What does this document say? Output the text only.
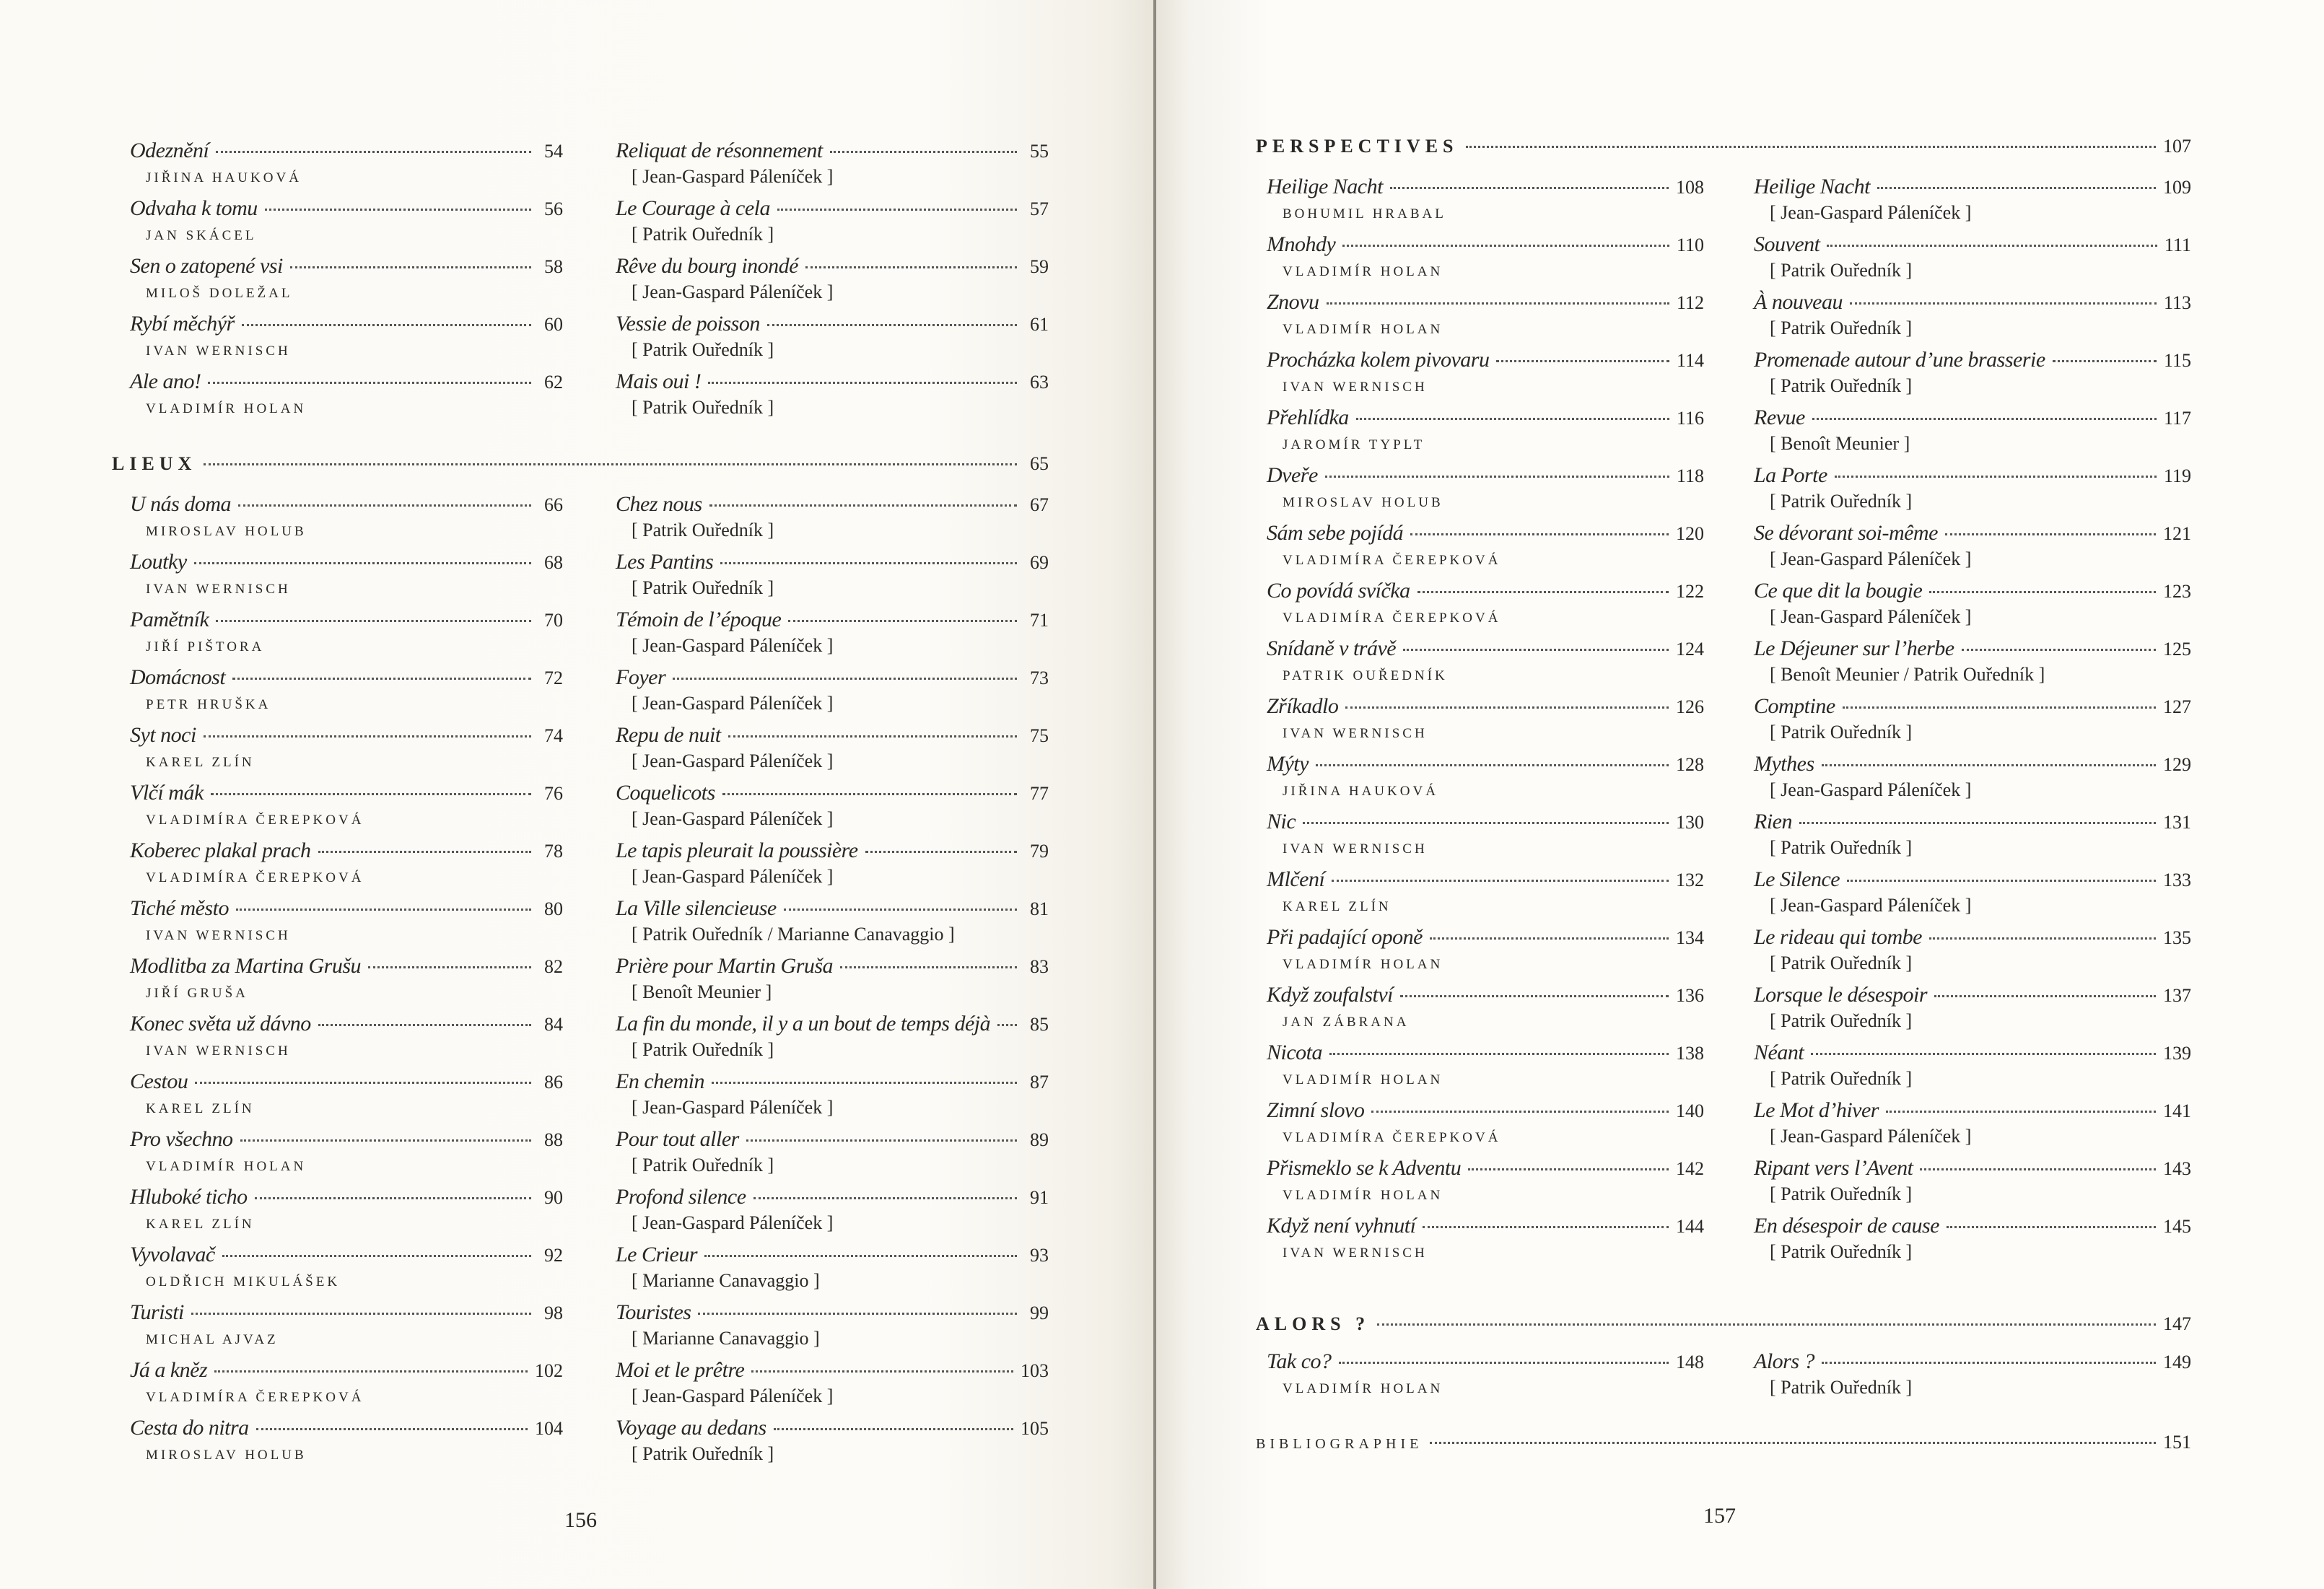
Odeznění	54
JIŘINA HAUKOVÁ
Odvaha k tomu	56
JAN SKÁCEL
Sen o zatopené vsi	58
MILOŠ DOLEŽAL
Rybí měchýř	60
IVAN WERNISCH
Ale ano!	62
VLADIMÍR HOLAN
Reliquat de résonnement	55
[ Jean-Gaspard Páleníček ]
Le Courage à cela	57
[ Patrik Ouředník ]
Rêve du bourg inondé	59
[ Jean-Gaspard Páleníček ]
Vessie de poisson	61
[ Patrik Ouředník ]
Mais oui !	63
[ Patrik Ouředník ]
LIEUX	65
U nás doma	66
MIROSLAV HOLUB
Loutky	68
IVAN WERNISCH
Pamětník	70
JIŘÍ PIŠTORA
Domácnost	72
PETR HRUŠKA
Syt noci	74
KAREL ZLÍN
Vlčí mák	76
VLADIMÍRA ČEREPKOVÁ
Koberec plakal prach	78
VLADIMÍRA ČEREPKOVÁ
Tiché město	80
IVAN WERNISCH
Modlitba za Martina Grušu	82
JIŘÍ GRUŠA
Konec světa už dávno	84
IVAN WERNISCH
Cestou	86
KAREL ZLÍN
Pro všechno	88
VLADIMÍR HOLAN
Hluboké ticho	90
KAREL ZLÍN
Vyvolavač	92
OLDŘICH MIKULÁŠEK
Turisti	98
MICHAL AJVAZ
Já a kněz	102
VLADIMÍRA ČEREPKOVÁ
Cesta do nitra	104
MIROSLAV HOLUB
Chez nous	67
[ Patrik Ouředník ]
Les Pantins	69
[ Patrik Ouředník ]
Témoin de l’époque	71
[ Jean-Gaspard Páleníček ]
Foyer	73
[ Jean-Gaspard Páleníček ]
Repu de nuit	75
[ Jean-Gaspard Páleníček ]
Coquelicots	77
[ Jean-Gaspard Páleníček ]
Le tapis pleurait la poussière	79
[ Jean-Gaspard Páleníček ]
La Ville silencieuse	81
[ Patrik Ouředník / Marianne Canavaggio ]
Prière pour Martin Gruša	83
[ Benoît Meunier ]
La fin du monde, il y a un bout de temps déjà	85
[ Patrik Ouředník ]
En chemin	87
[ Jean-Gaspard Páleníček ]
Pour tout aller	89
[ Patrik Ouředník ]
Profond silence	91
[ Jean-Gaspard Páleníček ]
Le Crieur	93
[ Marianne Canavaggio ]
Touristes	99
[ Marianne Canavaggio ]
Moi et le prêtre	103
[ Jean-Gaspard Páleníček ]
Voyage au dedans	105
[ Patrik Ouředník ]
156
PERSPECTIVES	107
Heilige Nacht	108
BOHUMIL HRABAL
Mnohdy	110
VLADIMÍR HOLAN
Znovu	112
VLADIMÍR HOLAN
Procházka kolem pivovaru	114
IVAN WERNISCH
Přehlídka	116
JAROMÍR TYPLT
Dveře	118
MIROSLAV HOLUB
Sám sebe pojídá	120
VLADIMÍRA ČEREPKOVÁ
Co povídá svíčka	122
VLADIMÍRA ČEREPKOVÁ
Snídaně v trávě	124
PATRIK OUŘEDNÍK
Zříkadlo	126
IVAN WERNISCH
Mýty	128
JIŘINA HAUKOVÁ
Nic	130
IVAN WERNISCH
Mlčení	132
KAREL ZLÍN
Při padající oponě	134
VLADIMÍR HOLAN
Když zoufalství	136
JAN ZÁBRANA
Nicota	138
VLADIMÍR HOLAN
Zimní slovo	140
VLADIMÍRA ČEREPKOVÁ
Přismeklo se k Adventu	142
VLADIMÍR HOLAN
Když není vyhnutí	144
IVAN WERNISCH
Heilige Nacht	109
[ Jean-Gaspard Páleníček ]
Souvent	111
[ Patrik Ouředník ]
À nouveau	113
[ Patrik Ouředník ]
Promenade autour d’une brasserie	115
[ Patrik Ouředník ]
Revue	117
[ Benoît Meunier ]
La Porte	119
[ Patrik Ouředník ]
Se dévorant soi-même	121
[ Jean-Gaspard Páleníček ]
Ce que dit la bougie	123
[ Jean-Gaspard Páleníček ]
Le Déjeuner sur l’herbe	125
[ Benoît Meunier / Patrik Ouředník ]
Comptine	127
[ Patrik Ouředník ]
Mythes	129
[ Jean-Gaspard Páleníček ]
Rien	131
[ Patrik Ouředník ]
Le Silence	133
[ Jean-Gaspard Páleníček ]
Le rideau qui tombe	135
[ Patrik Ouředník ]
Lorsque le désespoir	137
[ Patrik Ouředník ]
Néant	139
[ Patrik Ouředník ]
Le Mot d’hiver	141
[ Jean-Gaspard Páleníček ]
Ripant vers l’Avent	143
[ Patrik Ouředník ]
En désespoir de cause	145
[ Patrik Ouředník ]
ALORS ?	147
Tak co?	148
VLADIMÍR HOLAN
Alors ?	149
[ Patrik Ouředník ]
BIBLIOGRAPHIE	151
157
